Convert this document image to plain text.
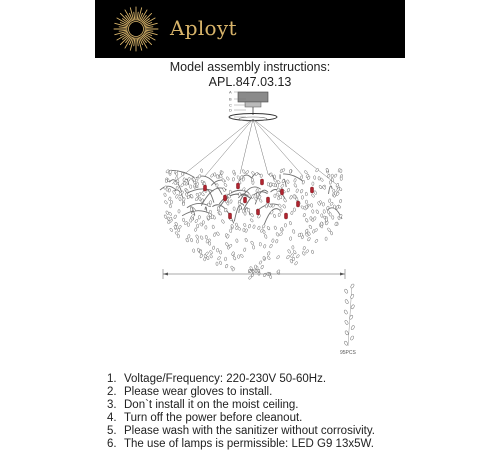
Aployt
Model assembly instructions:
APL.847.03.13
A
B
C
D
E
Ø800
95PCS
1. Voltage/Frequency: 220-230V 50-60Hz.
2. Please wear gloves to install.
3. Don`t install it on the moist ceiling.
4. Turn off the power before cleanout.
5. Please wash with the sanitizer without corrosivity.
6. The use of lamps is permissible: LED G9 13x5W.
